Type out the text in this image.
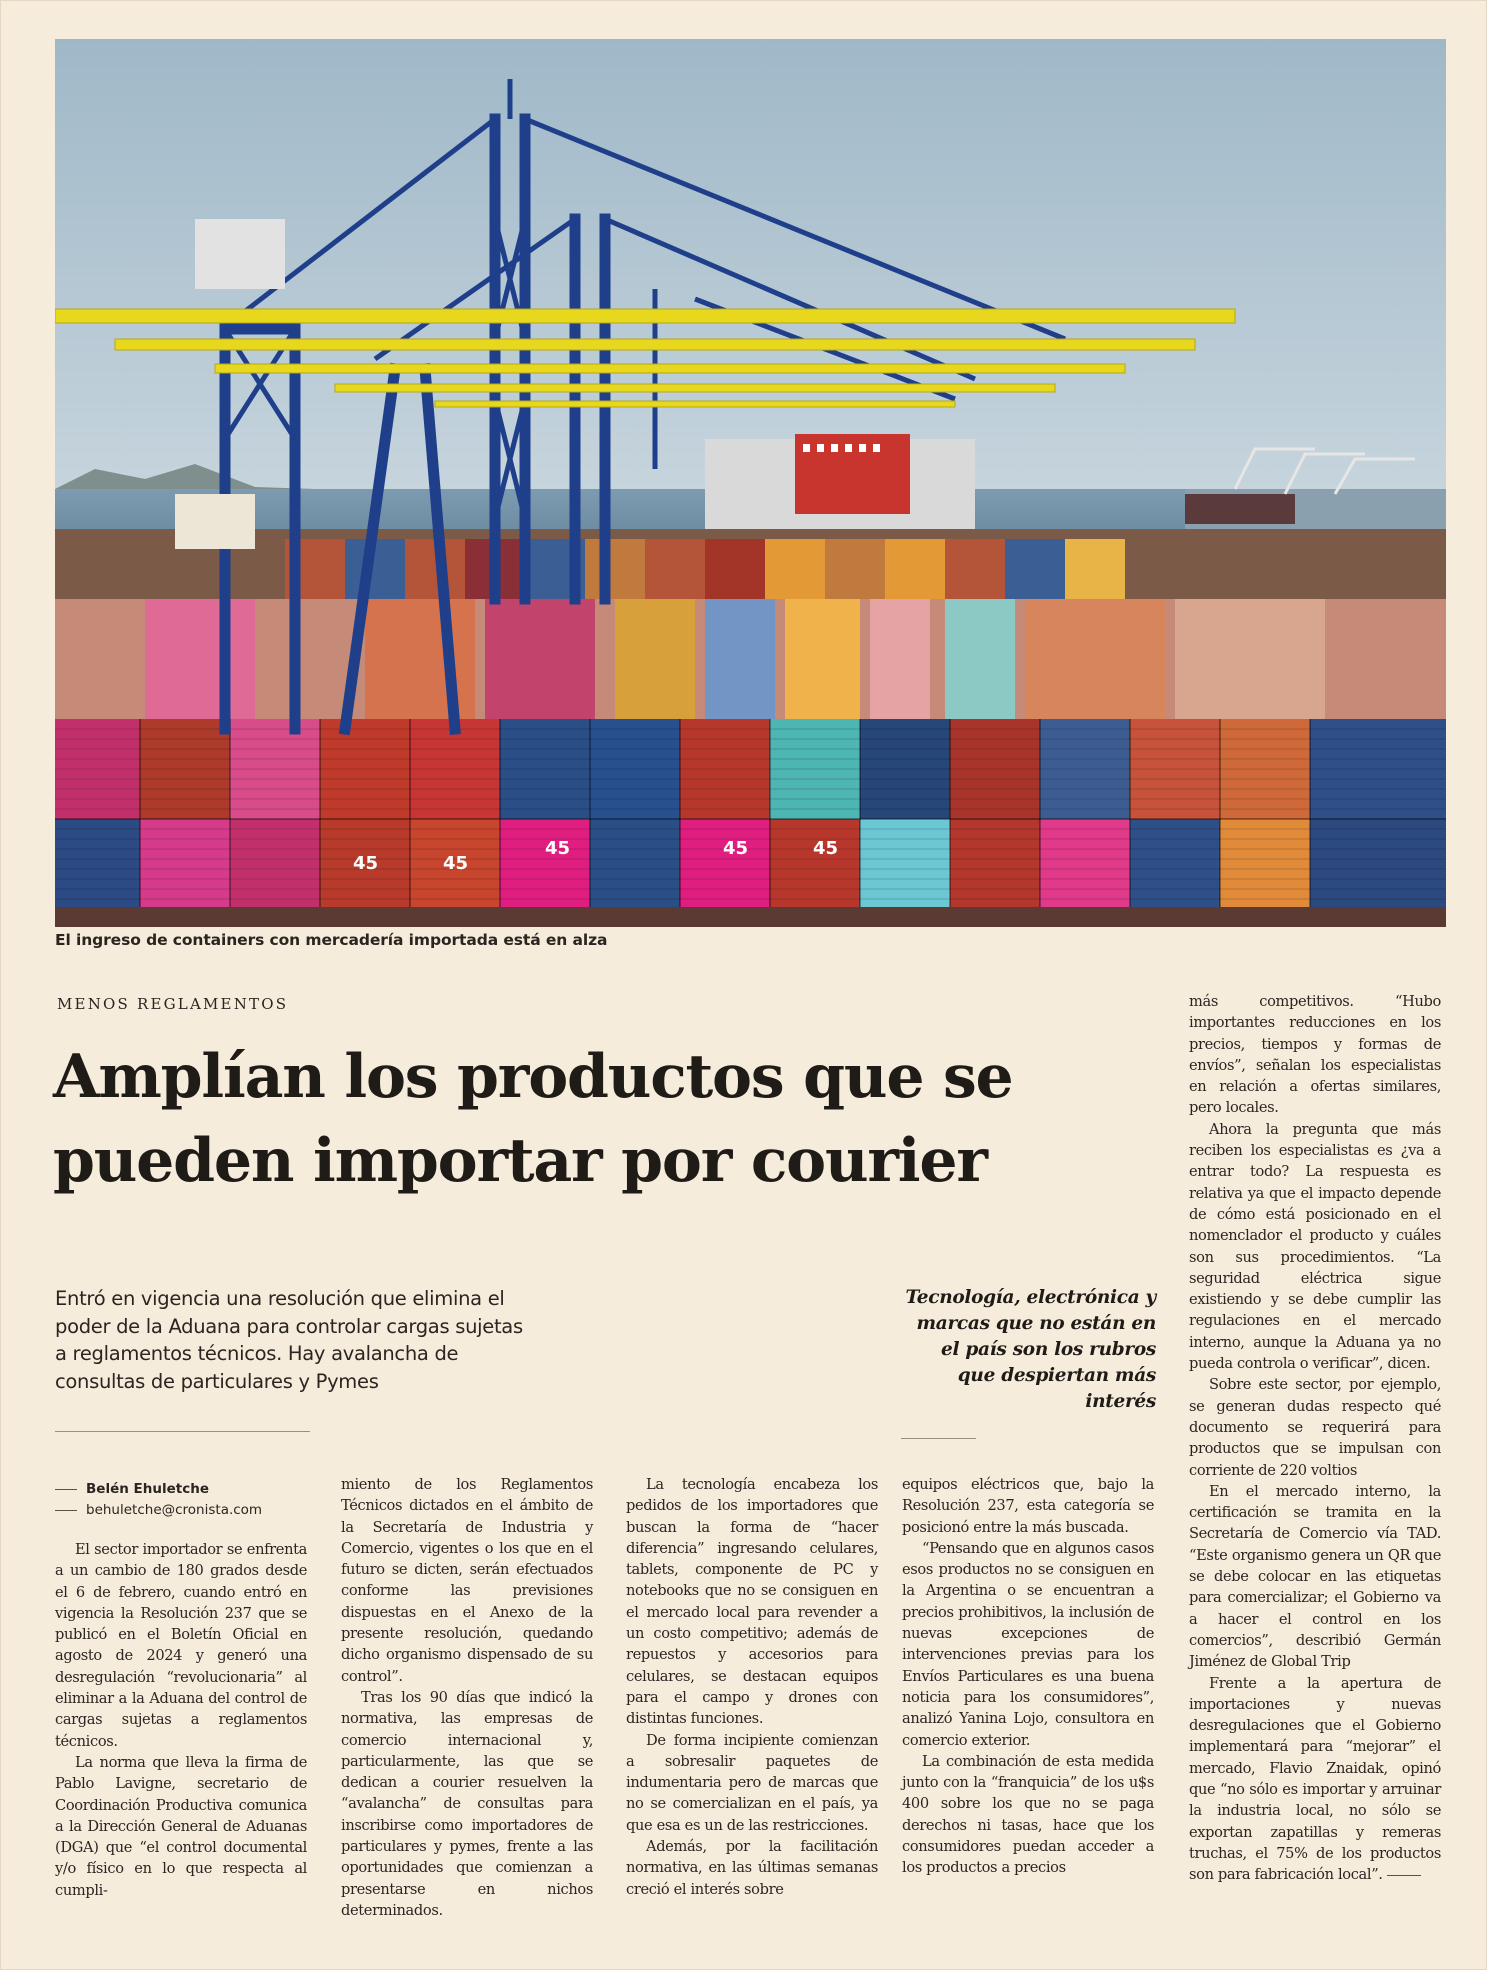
45	45
45	45	45
El ingreso de containers con mercadería importada está en alza
MENOS REGLAMENTOS
Amplían los productos que se
pueden importar por courier
Entró en vigencia una resolución que elimina el poder de la Aduana para controlar cargas sujetas a reglamentos técnicos. Hay avalancha de consultas de particulares y Pymes
Tecnología, electrónica y marcas que no están en el país son los rubros que despiertan más interés
Belén Ehuletche
behuletche@cronista.com

El sector importador se enfrenta a un cambio de 180 grados desde el 6 de febrero, cuando entró en vigencia la Resolución 237 que se publicó en el Boletín Oficial en agosto de 2024 y generó una desregulación “revolucionaria” al eliminar a la Aduana del control de cargas sujetas a reglamentos técnicos.

La norma que lleva la firma de Pablo Lavigne, secretario de Coordinación Productiva comunica a la Dirección General de Aduanas (DGA) que “el control documental y/o físico en lo que respecta al cumpli-

miento de los Reglamentos Técnicos dictados en el ámbito de la Secretaría de Industria y Comercio, vigentes o los que en el futuro se dicten, serán efectuados conforme las previsiones dispuestas en el Anexo de la presente resolución, quedando dicho organismo dispensado de su control”.

Tras los 90 días que indicó la normativa, las empresas de comercio internacional y, particularmente, las que se dedican a courier resuelven la “avalancha” de consultas para inscribirse como importadores de particulares y pymes, frente a las oportunidades que comienzan a presentarse en nichos determinados.

La tecnología encabeza los pedidos de los importadores que buscan la forma de “hacer diferencia” ingresando celulares, tablets, componente de PC y notebooks que no se consiguen en el mercado local para revender a un costo competitivo; además de repuestos y accesorios para celulares, se destacan equipos para el campo y drones con distintas funciones.

De forma incipiente comienzan a sobresalir paquetes de indumentaria pero de marcas que no se comercializan en el país, ya que esa es un de las restricciones.

Además, por la facilitación normativa, en las últimas semanas creció el interés sobre

equipos eléctricos que, bajo la Resolución 237, esta categoría se posicionó entre la más buscada.

“Pensando que en algunos casos esos productos no se consiguen en la Argentina o se encuentran a precios prohibitivos, la inclusión de nuevas excepciones de intervenciones previas para los Envíos Particulares es una buena noticia para los consumidores”, analizó Yanina Lojo, consultora en comercio exterior.

La combinación de esta medida junto con la “franquicia” de los u$s 400 sobre los que no se paga derechos ni tasas, hace que los consumidores puedan acceder a los productos a precios

más competitivos. “Hubo importantes reducciones en los precios, tiempos y formas de envíos”, señalan los especialistas en relación a ofertas similares, pero locales.

Ahora la pregunta que más reciben los especialistas es ¿va a entrar todo? La respuesta es relativa ya que el impacto depende de cómo está posicionado en el nomenclador el producto y cuáles son sus procedimientos. “La seguridad eléctrica sigue existiendo y se debe cumplir las regulaciones en el mercado interno, aunque la Aduana ya no pueda controla o verificar”, dicen.

Sobre este sector, por ejemplo, se generan dudas respecto qué documento se requerirá para productos que se impulsan con corriente de 220 voltios

En el mercado interno, la certificación se tramita en la Secretaría de Comercio vía TAD. “Este organismo genera un QR que se debe colocar en las etiquetas para comercializar; el Gobierno va a hacer el control en los comercios”, describió Germán Jiménez de Global Trip

Frente a la apertura de importaciones y nuevas desregulaciones que el Gobierno implementará para “mejorar” el mercado, Flavio Znaidak, opinó que “no sólo es importar y arruinar la industria local, no sólo se exportan zapatillas y remeras truchas, el 75% de los productos son para fabricación local”.
